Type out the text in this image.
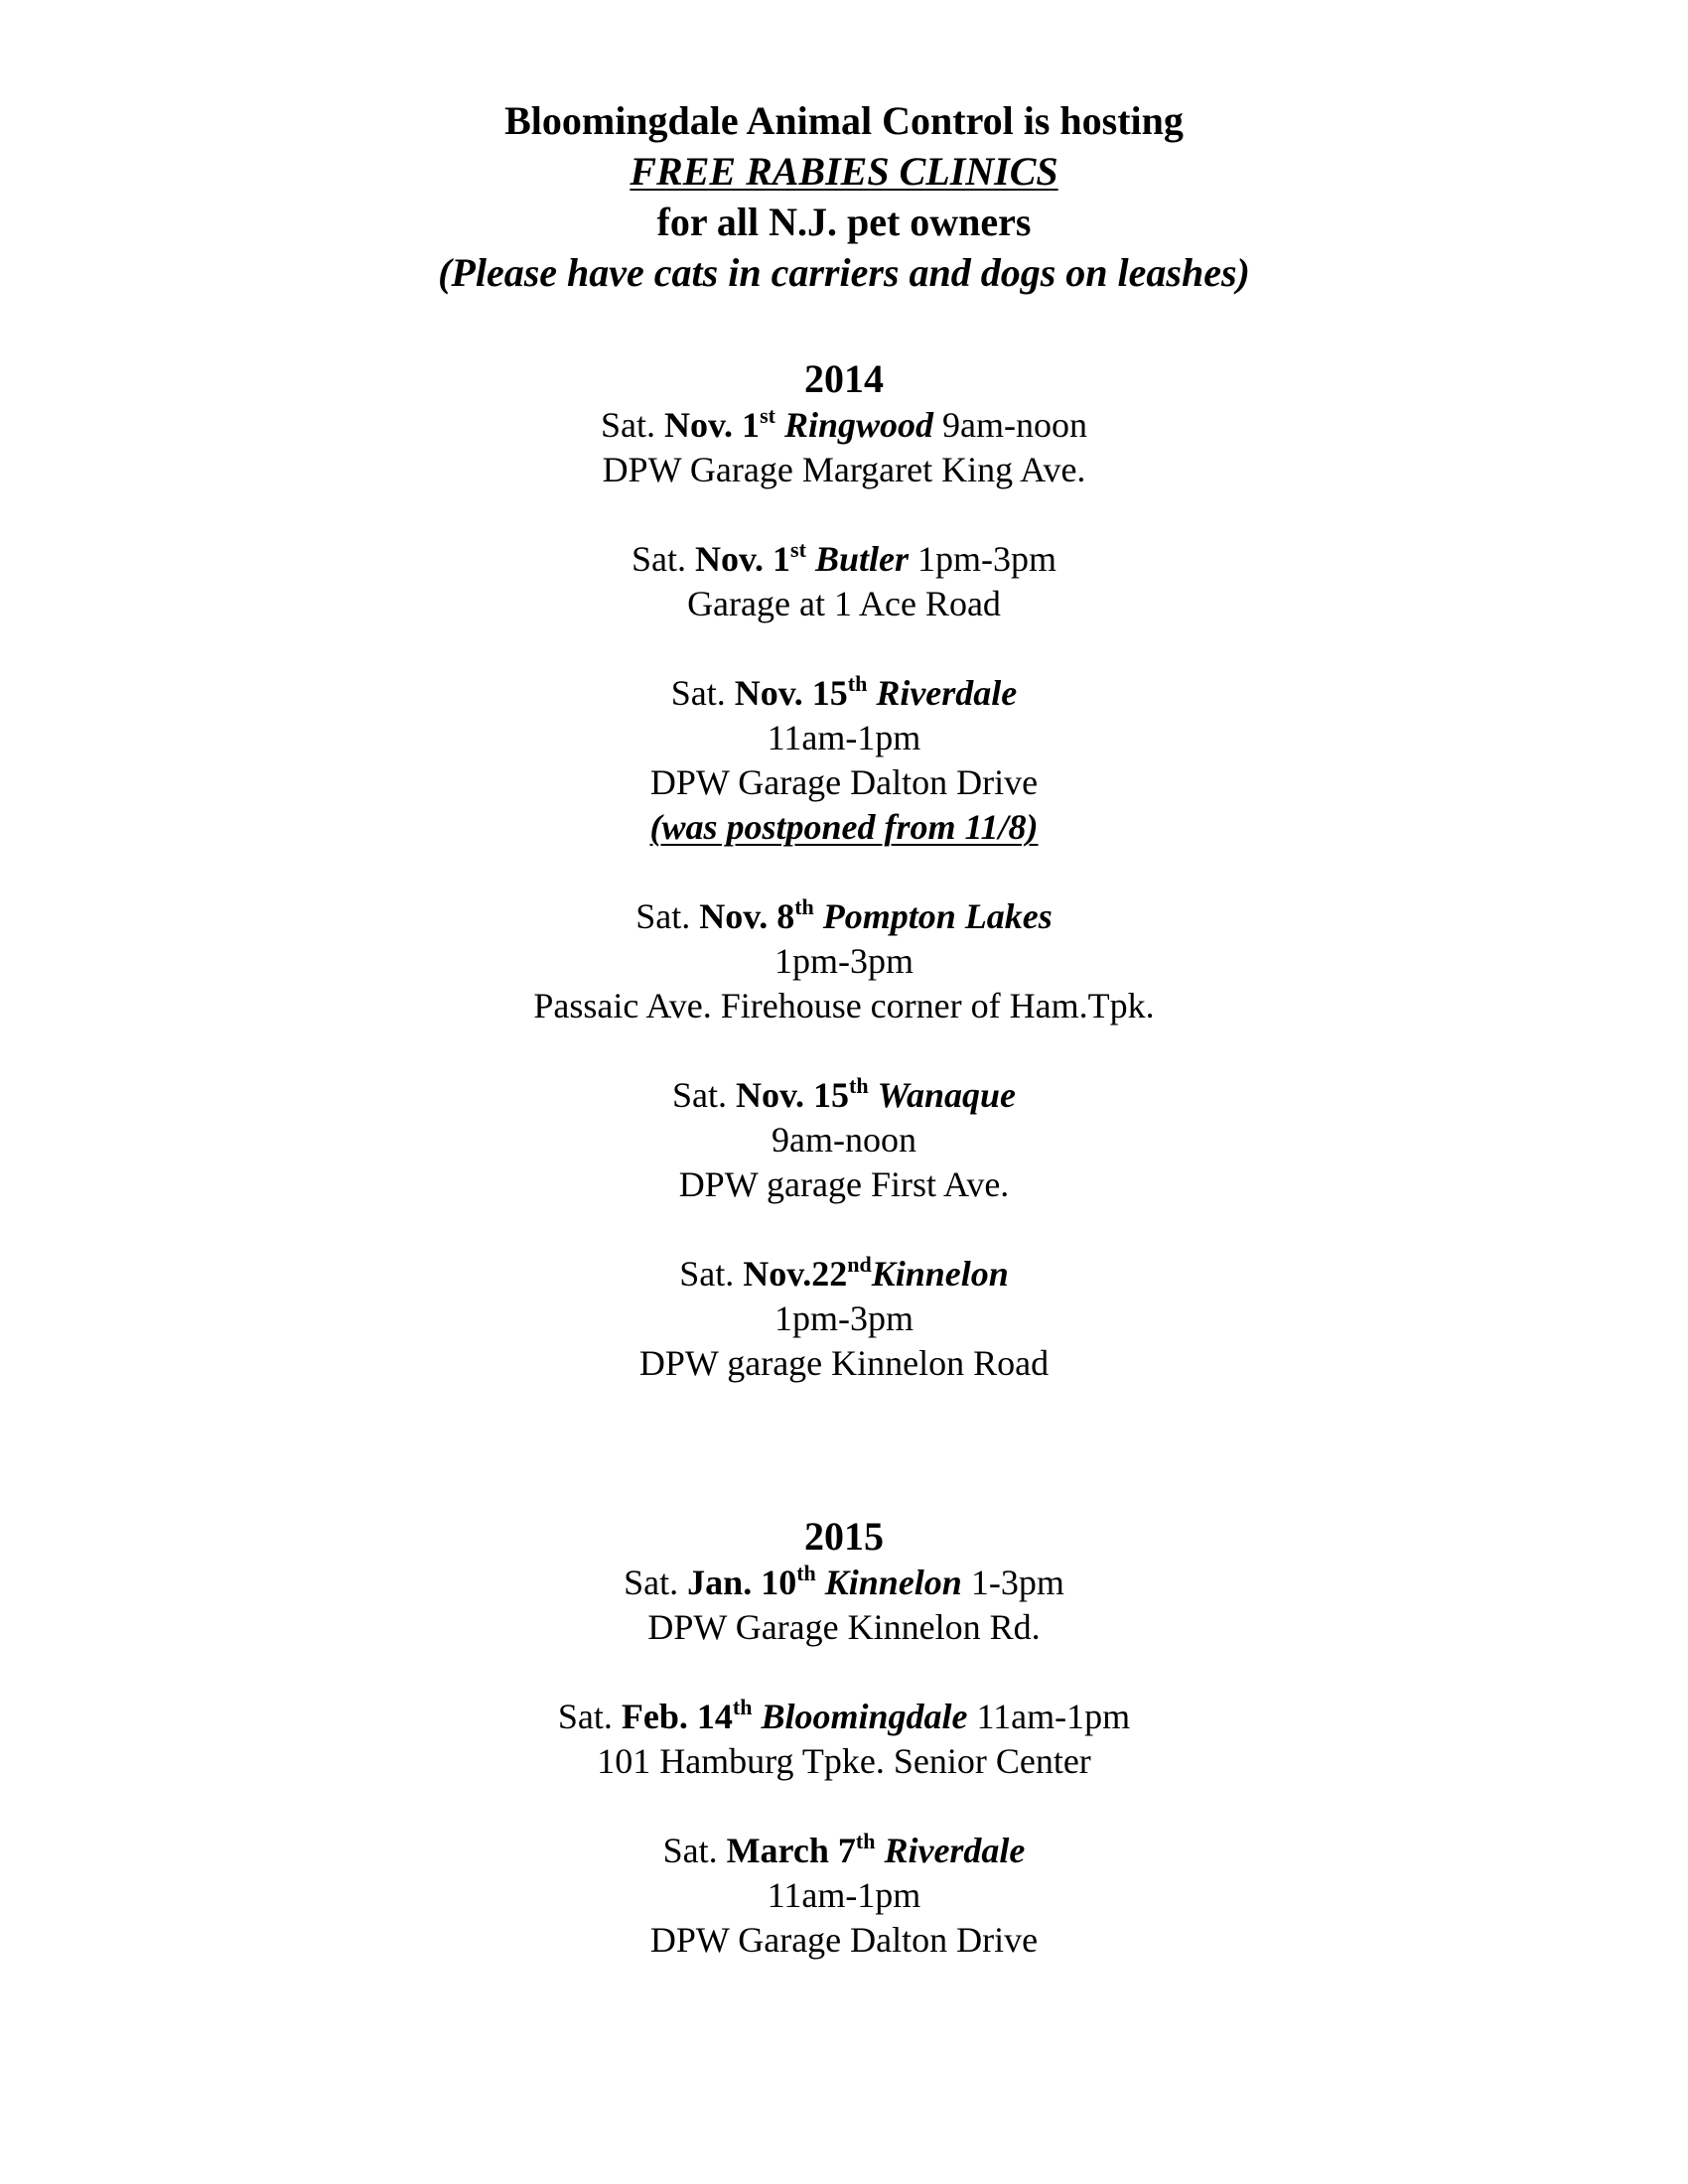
Bloomingdale Animal Control is hosting
FREE RABIES CLINICS
for all N.J. pet owners
(Please have cats in carriers and dogs on leashes)
2014
Sat. Nov. 1st Ringwood 9am-noon
DPW Garage Margaret King Ave.
Sat. Nov. 1st Butler 1pm-3pm
Garage at 1 Ace Road
Sat. Nov. 15th Riverdale
11am-1pm
DPW Garage Dalton Drive
(was postponed from 11/8)
Sat. Nov. 8th Pompton Lakes
1pm-3pm
Passaic Ave. Firehouse corner of Ham.Tpk.
Sat. Nov. 15th Wanaque
9am-noon
DPW garage First Ave.
Sat. Nov.22ndKinnelon
1pm-3pm
DPW garage Kinnelon Road
2015
Sat. Jan. 10th Kinnelon 1-3pm
DPW Garage Kinnelon Rd.
Sat. Feb. 14th Bloomingdale 11am-1pm
101 Hamburg Tpke. Senior Center
Sat. March 7th Riverdale
11am-1pm
DPW Garage Dalton Drive
